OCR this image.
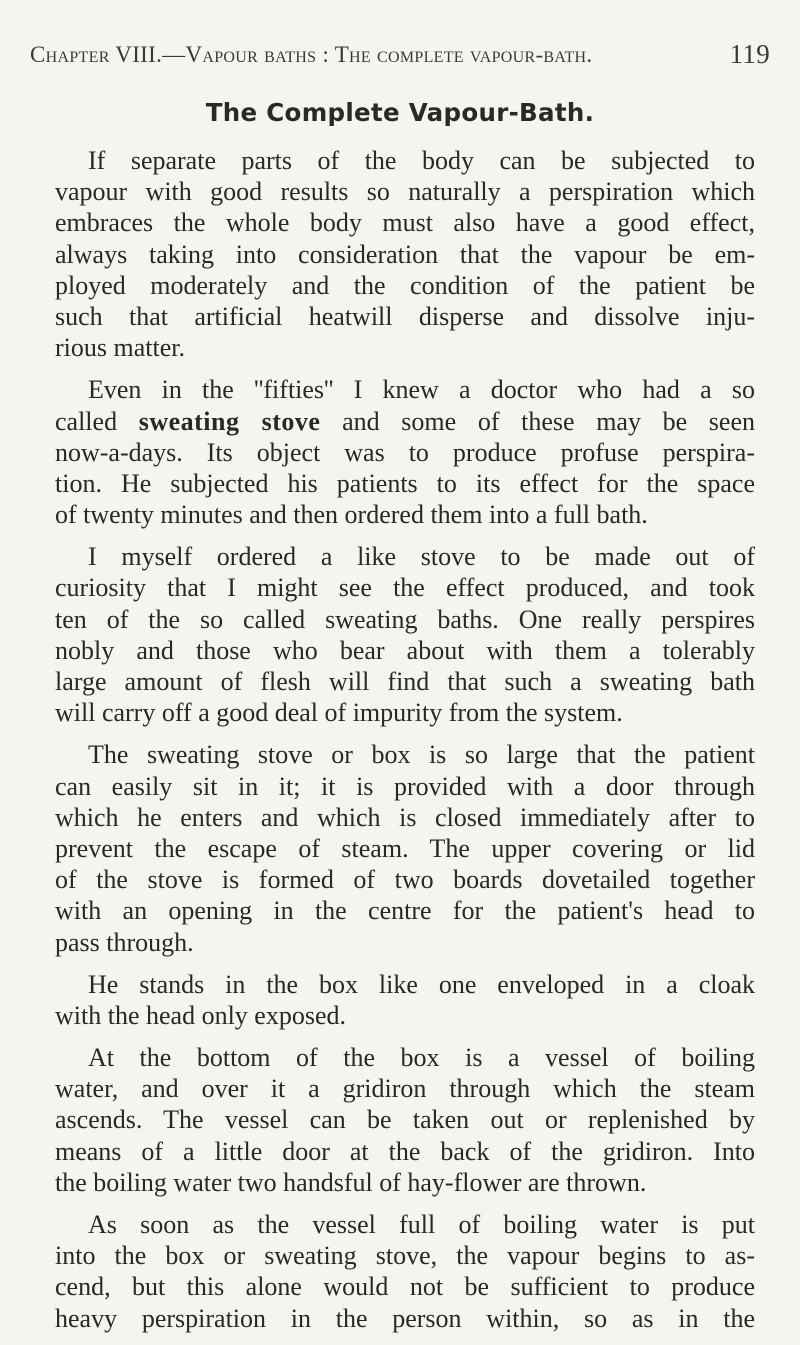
Chapter VIII.—Vapour baths : The complete vapour-bath.	119
The Complete Vapour-Bath.
If separate parts of the body can be subjected to
vapour with good results so naturally a perspiration which
embraces the whole body must also have a good effect,
always taking into consideration that the vapour be em-
ployed moderately and the condition of the patient be
such that artificial heatwill disperse and dissolve inju-
rious matter.
Even in the ''fifties'' I knew a doctor who had a so
called sweating stove and some of these may be seen
now-a-days. Its object was to produce profuse perspira-
tion. He subjected his patients to its effect for the space
of twenty minutes and then ordered them into a full bath.
I myself ordered a like stove to be made out of
curiosity that I might see the effect produced, and took
ten of the so called sweating baths. One really perspires
nobly and those who bear about with them a tolerably
large amount of flesh will find that such a sweating bath
will carry off a good deal of impurity from the system.
The sweating stove or box is so large that the patient
can easily sit in it; it is provided with a door through
which he enters and which is closed immediately after to
prevent the escape of steam. The upper covering or lid
of the stove is formed of two boards dovetailed together
with an opening in the centre for the patient's head to
pass through.
He stands in the box like one enveloped in a cloak
with the head only exposed.
At the bottom of the box is a vessel of boiling
water, and over it a gridiron through which the steam
ascends. The vessel can be taken out or replenished by
means of a little door at the back of the gridiron. Into
the boiling water two handsful of hay-flower are thrown.
As soon as the vessel full of boiling water is put
into the box or sweating stove, the vapour begins to as-
cend, but this alone would not be sufficient to produce
heavy perspiration in the person within, so as in the
